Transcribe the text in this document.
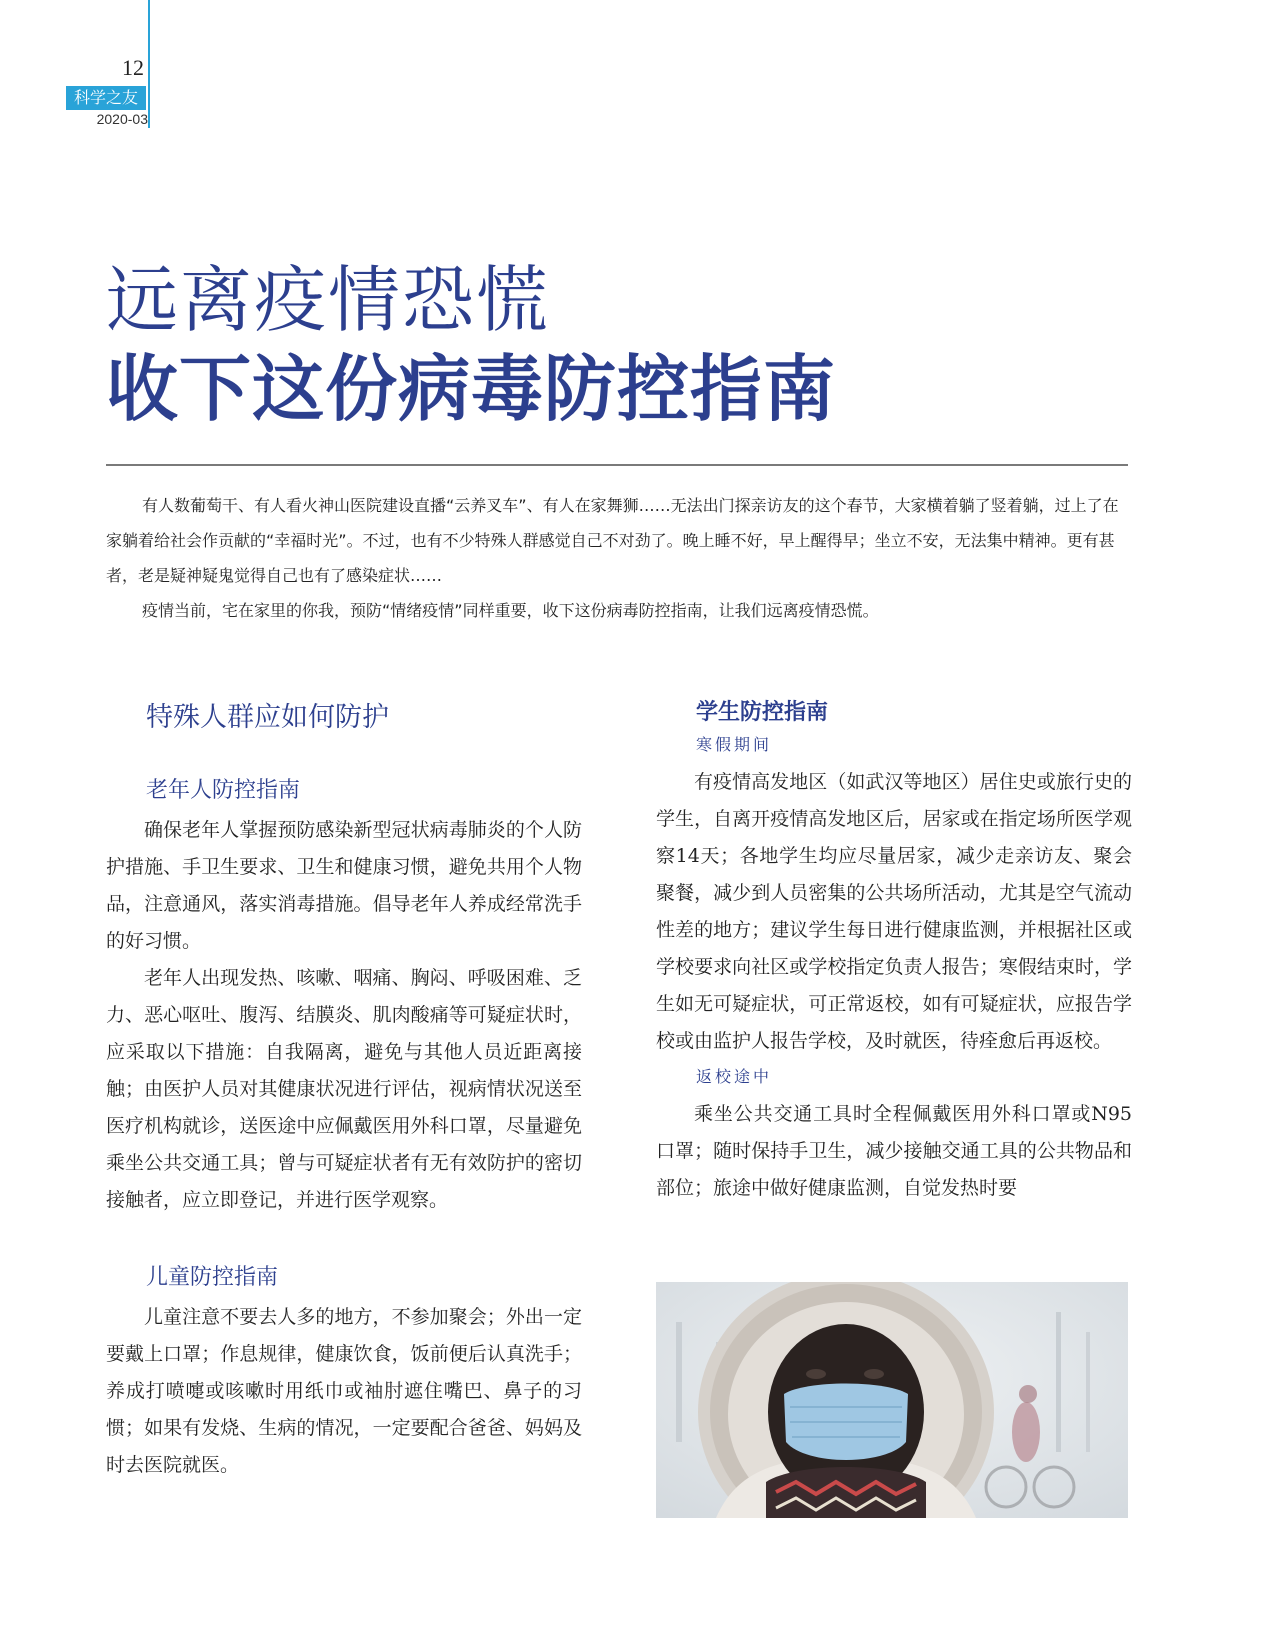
12
科学之友
2020-03
远离疫情恐慌
收下这份病毒防控指南

有人数葡萄干、有人看火神山医院建设直播“云养叉车”、有人在家舞狮……无法出门探亲访友的这个春节，大家横着躺了竖着躺，过上了在家躺着给社会作贡献的“幸福时光”。不过，也有不少特殊人群感觉自己不对劲了。晚上睡不好，早上醒得早；坐立不安，无法集中精神。更有甚者，老是疑神疑鬼觉得自己也有了感染症状……

疫情当前，宅在家里的你我，预防“情绪疫情”同样重要，收下这份病毒防控指南，让我们远离疫情恐慌。

特殊人群应如何防护
老年人防控指南

确保老年人掌握预防感染新型冠状病毒肺炎的个人防护措施、手卫生要求、卫生和健康习惯，避免共用个人物品，注意通风，落实消毒措施。倡导老年人养成经常洗手的好习惯。

老年人出现发热、咳嗽、咽痛、胸闷、呼吸困难、乏力、恶心呕吐、腹泻、结膜炎、肌肉酸痛等可疑症状时，应采取以下措施：自我隔离，避免与其他人员近距离接触；由医护人员对其健康状况进行评估，视病情状况送至医疗机构就诊，送医途中应佩戴医用外科口罩，尽量避免乘坐公共交通工具；曾与可疑症状者有无有效防护的密切接触者，应立即登记，并进行医学观察。

儿童防控指南

儿童注意不要去人多的地方，不参加聚会；外出一定要戴上口罩；作息规律，健康饮食，饭前便后认真洗手；养成打喷嚏或咳嗽时用纸巾或袖肘遮住嘴巴、鼻子的习惯；如果有发烧、生病的情况，一定要配合爸爸、妈妈及时去医院就医。

学生防控指南
寒假期间

有疫情高发地区（如武汉等地区）居住史或旅行史的学生，自离开疫情高发地区后，居家或在指定场所医学观察14天；各地学生均应尽量居家，减少走亲访友、聚会聚餐，减少到人员密集的公共场所活动，尤其是空气流动性差的地方；建议学生每日进行健康监测，并根据社区或学校要求向社区或学校指定负责人报告；寒假结束时，学生如无可疑症状，可正常返校，如有可疑症状，应报告学校或由监护人报告学校，及时就医，待痊愈后再返校。

返校途中

乘坐公共交通工具时全程佩戴医用外科口罩或N95口罩；随时保持手卫生，减少接触交通工具的公共物品和部位；旅途中做好健康监测，自觉发热时要
